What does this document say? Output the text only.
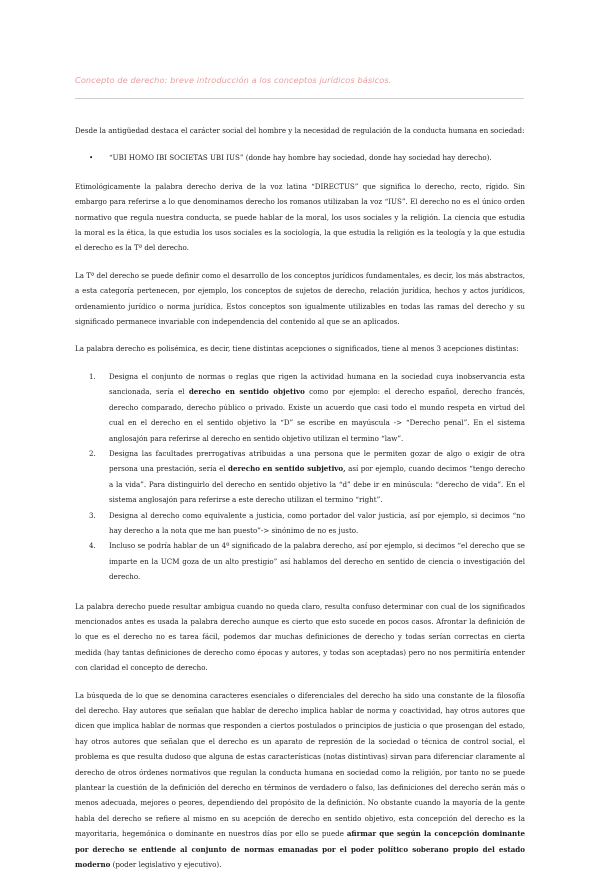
Concepto de derecho: breve introducción a los conceptos jurídicos básicos.

Desde la antigüedad destaca el carácter social del hombre y la necesidad de regulación de la conducta humana en sociedad:

•	“UBI HOMO IBI SOCIETAS UBI IUS” (donde hay hombre hay sociedad, donde hay sociedad hay derecho).

Etimológicamente la palabra derecho deriva de la voz latina “DIRECTUS” que significa lo derecho, recto, rígido. Sin embargo para referirse a lo que denominamos derecho los romanos utilizaban la voz “IUS”. El derecho no es el único orden normativo que regula nuestra conducta, se puede hablar de la moral, los usos sociales y la religión. La ciencia que estudia la moral es la ética, la que estudia los usos sociales es la sociología, la que estudia la religión es la teología y la que estudia el derecho es la Tª del derecho.

La Tª del derecho se puede definir como el desarrollo de los conceptos jurídicos fundamentales, es decir, los más abstractos, a esta categoría pertenecen, por ejemplo, los conceptos de sujetos de derecho, relación jurídica, hechos y actos jurídicos, ordenamiento jurídico o norma jurídica. Estos conceptos son igualmente utilizables en todas las ramas del derecho y su significado permanece invariable con independencia del contenido al que se an aplicados.

La palabra derecho es polisémica, es decir, tiene distintas acepciones o significados, tiene al menos 3 acepciones distintas:

1. Designa el conjunto de normas o reglas que rigen la actividad humana en la sociedad cuya inobservancia esta sancionada, sería el derecho en sentido objetivo como por ejemplo: el derecho español, derecho francés, derecho comparado, derecho público o privado. Existe un acuerdo que casi todo el mundo respeta en virtud del cual en el derecho en el sentido objetivo la “D” se escribe en mayúscula -> “Derecho penal”. En el sistema anglosajón para referirse al derecho en sentido objetivo utilizan el termino “law”.
2. Designa las facultades prerrogativas atribuidas a una persona que le permiten gozar de algo o exigir de otra persona una prestación, sería el derecho en sentido subjetivo, así por ejemplo, cuando decimos “tengo derecho a la vida”. Para distinguirlo del derecho en sentido objetivo la “d” debe ir en minúscula: “derecho de vida”. En el sistema anglosajón para referirse a este derecho utilizan el termino “right”.
3. Designa al derecho como equivalente a justicia, como portador del valor justicia, así por ejemplo, si decimos “no hay derecho a la nota que me han puesto”-> sinónimo de no es justo.
4. Incluso se podría hablar de un 4º significado de la palabra derecho, así por ejemplo, si decimos “el derecho que se imparte en la UCM goza de un alto prestigio” así hablamos del derecho en sentido de ciencia o investigación del derecho.

La palabra derecho puede resultar ambigua cuando no queda claro, resulta confuso determinar con cual de los significados mencionados antes es usada la palabra derecho aunque es cierto que esto sucede en pocos casos. Afrontar la definición de lo que es el derecho no es tarea fácil, podemos dar muchas definiciones de derecho y todas serían correctas en cierta medida (hay tantas definiciones de derecho como épocas y autores, y todas son aceptadas) pero no nos permitiría entender con claridad el concepto de derecho.

La búsqueda de lo que se denomina caracteres esenciales o diferenciales del derecho ha sido una constante de la filosofía del derecho. Hay autores que señalan que hablar de derecho implica hablar de norma y coactividad, hay otros autores que dicen que implica hablar de normas que responden a ciertos postulados o principios de justicia o que prosengan del estado, hay otros autores que señalan que el derecho es un aparato de represión de la sociedad o técnica de control social, el problema es que resulta dudoso que alguna de estas características (notas distintivas) sirvan para diferenciar claramente al derecho de otros órdenes normativos que regulan la conducta humana en sociedad como la religión, por tanto no se puede plantear la cuestión de la definición del derecho en términos de verdadero o falso, las definiciones del derecho serán más o menos adecuada, mejores o peores, dependiendo del propósito de la definición. No obstante cuando la mayoría de la gente habla del derecho se refiere al mismo en su acepción de derecho en sentido objetivo, esta concepción del derecho es la mayoritaria, hegemónica o dominante en nuestros días por ello se puede afirmar que según la concepción dominante por derecho se entiende al conjunto de normas emanadas por el poder político soberano propio del estado moderno (poder legislativo y ejecutivo).
